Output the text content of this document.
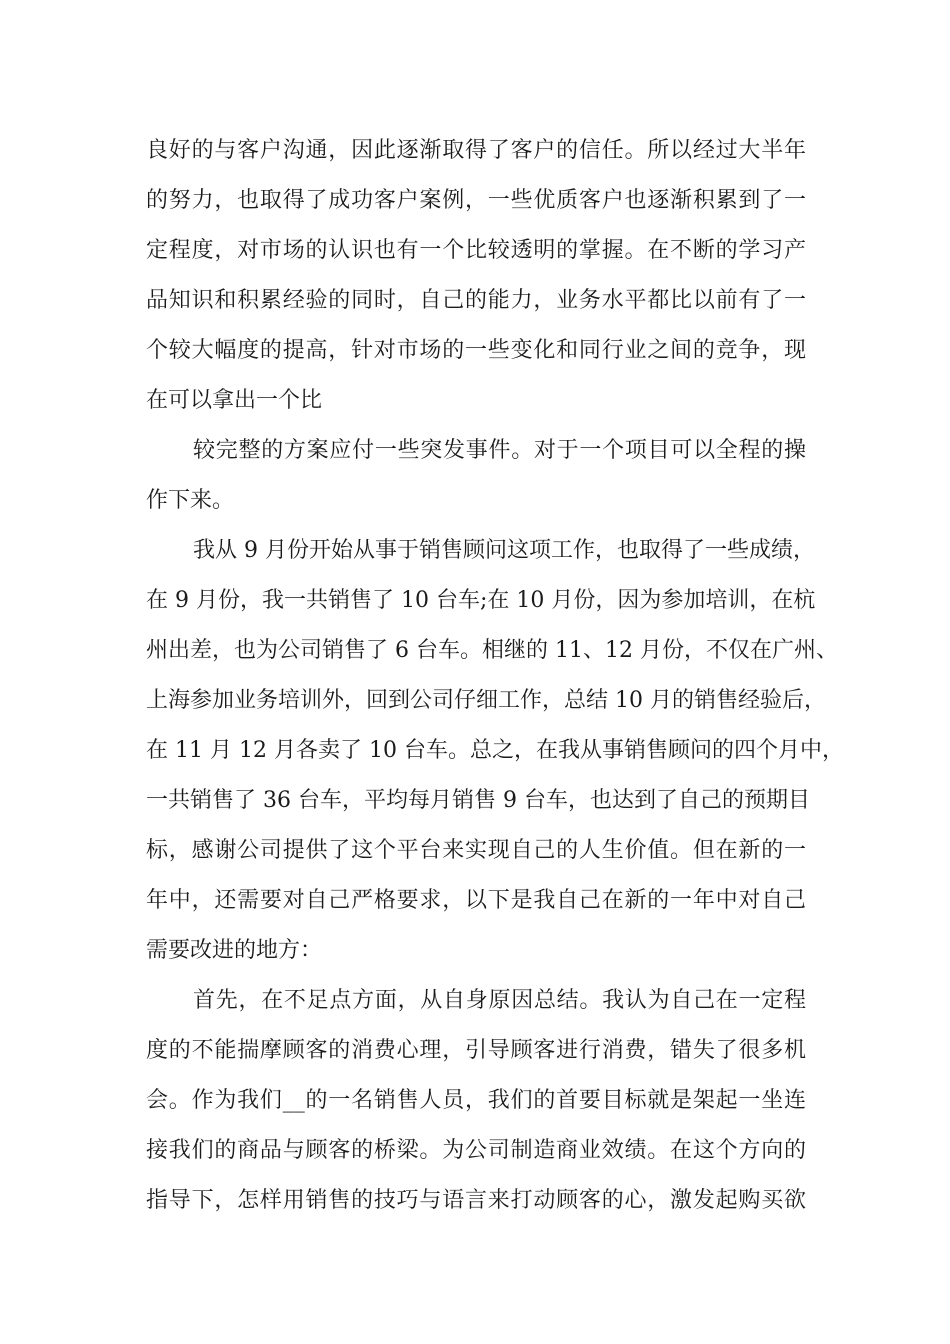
良好的与客户沟通，因此逐渐取得了客户的信任。所以经过大半年
的努力，也取得了成功客户案例，一些优质客户也逐渐积累到了一
定程度，对市场的认识也有一个比较透明的掌握。在不断的学习产
品知识和积累经验的同时，自己的能力，业务水平都比以前有了一
个较大幅度的提高，针对市场的一些变化和同行业之间的竞争，现
在可以拿出一个比
较完整的方案应付一些突发事件。对于一个项目可以全程的操
作下来。
我从 9 月份开始从事于销售顾问这项工作，也取得了一些成绩，
在 9 月份，我一共销售了 10 台车;在 10 月份，因为参加培训，在杭
州出差，也为公司销售了 6 台车。相继的 11、12 月份，不仅在广州、
上海参加业务培训外，回到公司仔细工作，总结 10 月的销售经验后，
在 11 月 12 月各卖了 10 台车。总之，在我从事销售顾问的四个月中，
一共销售了 36 台车，平均每月销售 9 台车，也达到了自己的预期目
标，感谢公司提供了这个平台来实现自己的人生价值。但在新的一
年中，还需要对自己严格要求，以下是我自己在新的一年中对自己
需要改进的地方：
首先，在不足点方面，从自身原因总结。我认为自己在一定程
度的不能揣摩顾客的消费心理，引导顾客进行消费，错失了很多机
会。作为我们__的一名销售人员，我们的首要目标就是架起一坐连
接我们的商品与顾客的桥梁。为公司制造商业效绩。在这个方向的
指导下，怎样用销售的技巧与语言来打动顾客的心，激发起购买欲
